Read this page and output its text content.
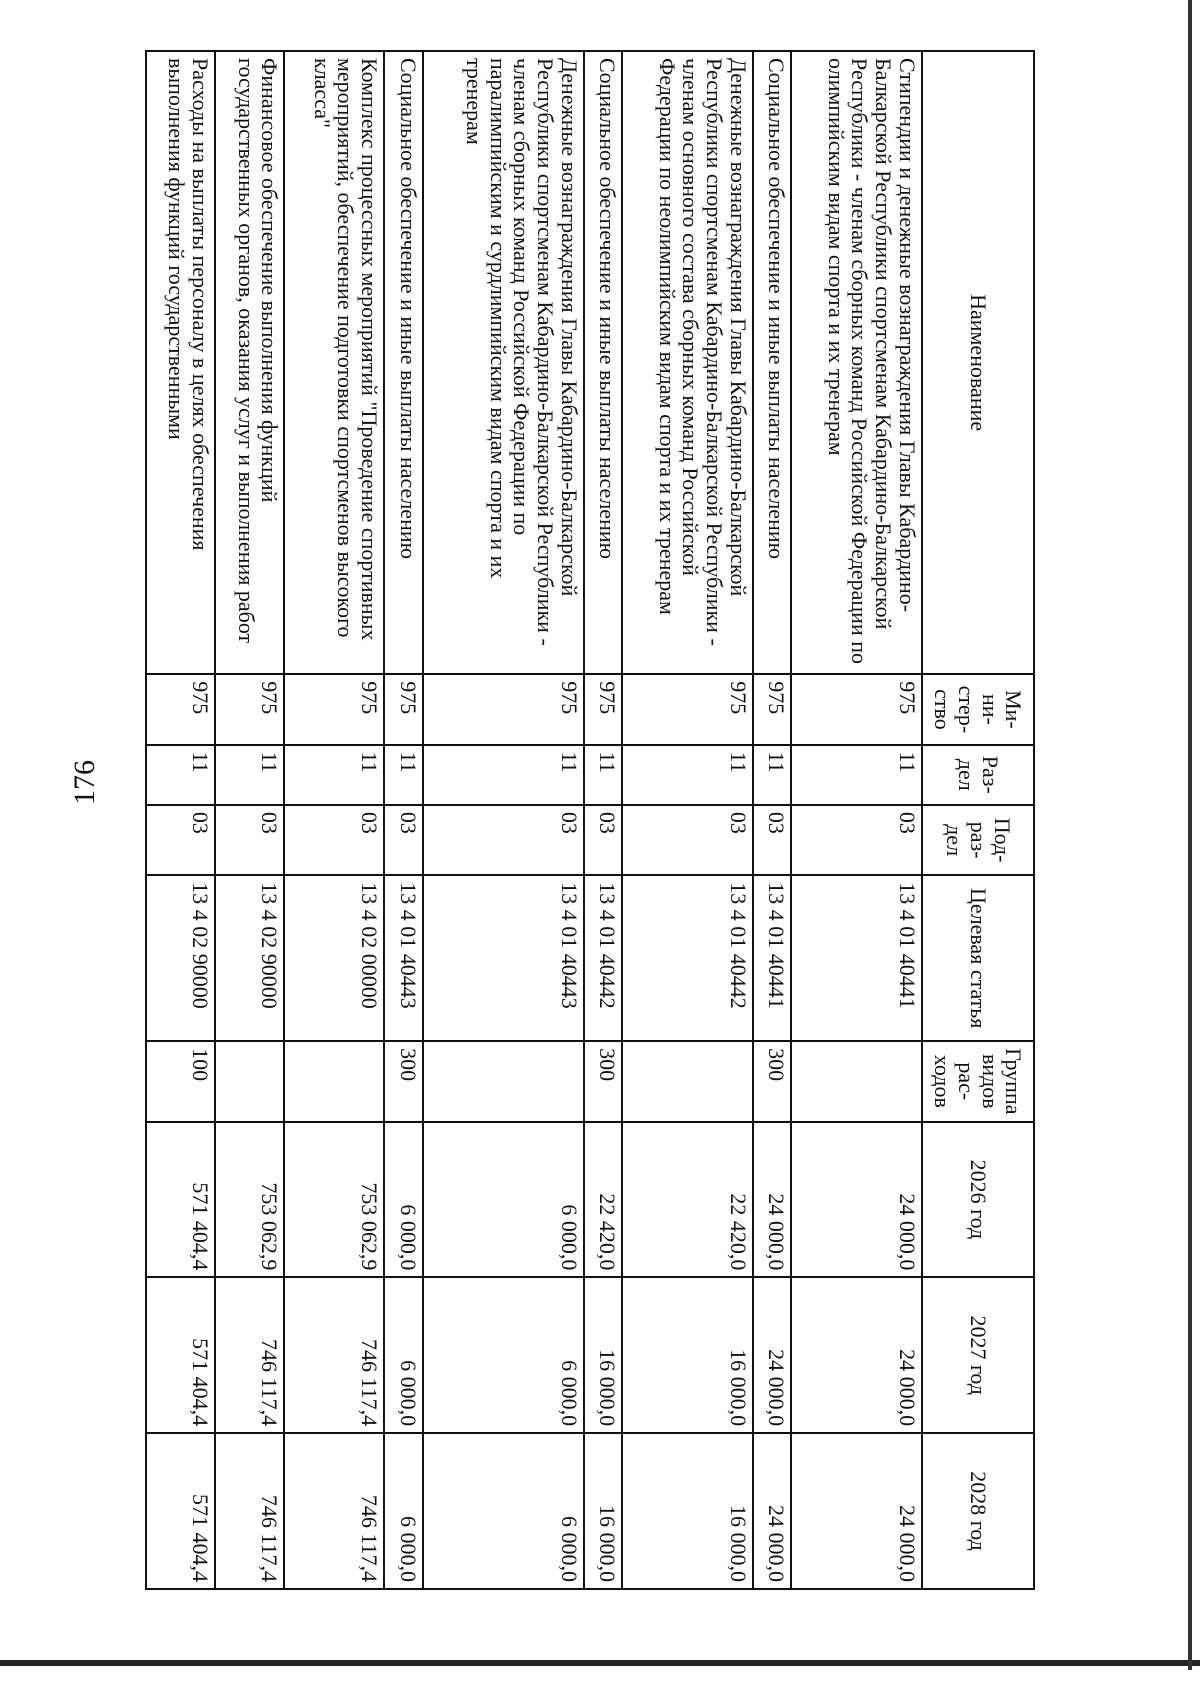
176
Наименование	Ми-ни-стер-ство	Раз-дел	Под-раз-дел	Целевая статья	Группа видов рас-ходов	2026 год	2027 год	2028 год
Стипендии и денежные вознаграждения Главы Кабардино-Балкарской Республики спортсменам Кабардино-Балкарской Республики - членам сборных команд Российской Федерации по олимпийским видам спорта и их тренерам	975	11	03	13 4 01 40441		24 000,0	24 000,0	24 000,0
Социальное обеспечение и иные выплаты населению	975	11	03	13 4 01 40441	300	24 000,0	24 000,0	24 000,0
Денежные вознаграждения Главы Кабардино-Балкарской Республики спортсменам Кабардино-Балкарской Республики - членам основного состава сборных команд Российской Федерации по неолимпийским видам спорта и их тренерам	975	11	03	13 4 01 40442		22 420,0	16 000,0	16 000,0
Социальное обеспечение и иные выплаты населению	975	11	03	13 4 01 40442	300	22 420,0	16 000,0	16 000,0
Денежные вознаграждения Главы Кабардино-Балкарской Республики спортсменам Кабардино-Балкарской Республики - членам сборных команд Российской Федерации по паралимпийским и сурдлимпийским видам спорта и их тренерам	975	11	03	13 4 01 40443		6 000,0	6 000,0	6 000,0
Социальное обеспечение и иные выплаты населению	975	11	03	13 4 01 40443	300	6 000,0	6 000,0	6 000,0
Комплекс процессных мероприятий "Проведение спортивных мероприятий, обеспечение подготовки спортсменов высокого класса"	975	11	03	13 4 02 00000		753 062,9	746 117,4	746 117,4
Финансовое обеспечение выполнения функций государственных органов, оказания услуг и выполнения работ	975	11	03	13 4 02 90000		753 062,9	746 117,4	746 117,4
Расходы на выплаты персоналу в целях обеспечения выполнения функций государственными	975	11	03	13 4 02 90000	100	571 404,4	571 404,4	571 404,4
